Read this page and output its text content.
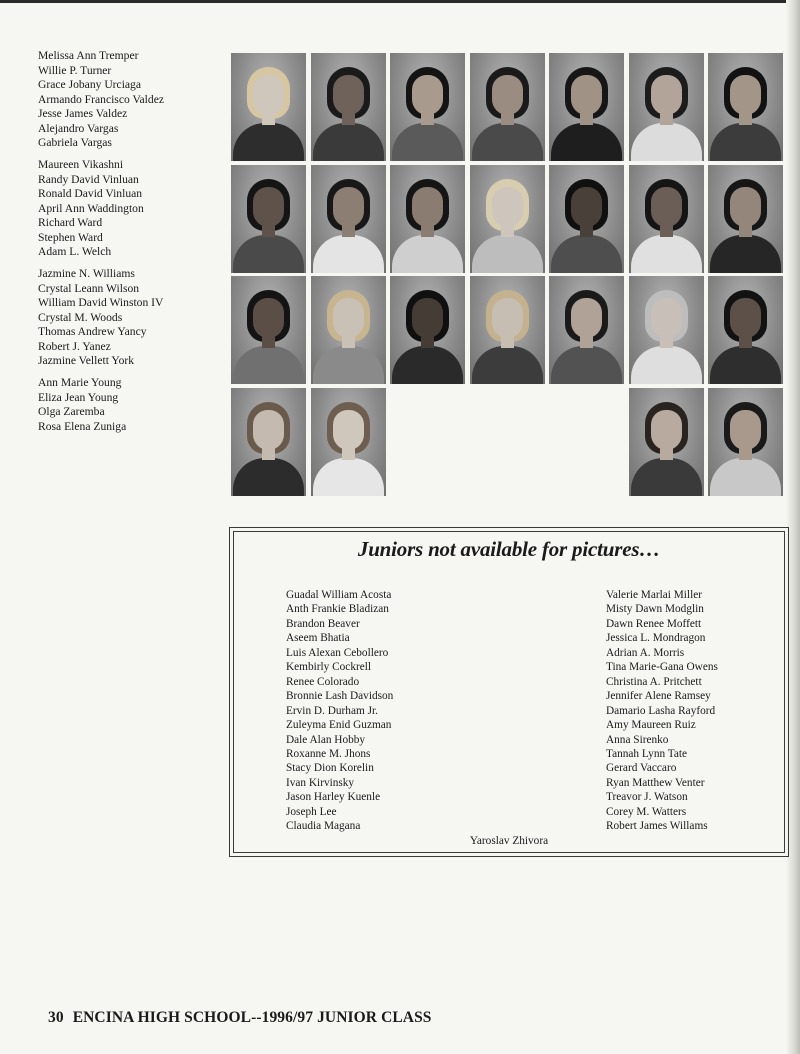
Melissa Ann Tremper
Willie P. Turner
Grace Jobany Urciaga
Armando Francisco Valdez
Jesse James Valdez
Alejandro Vargas
Gabriela Vargas
Maureen Vikashni
Randy David Vinluan
Ronald David Vinluan
April Ann Waddington
Richard Ward
Stephen Ward
Adam L. Welch
Jazmine N. Williams
Crystal Leann Wilson
William David Winston IV
Crystal M. Woods
Thomas Andrew Yancy
Robert J. Yanez
Jazmine Vellett York
Ann Marie Young
Eliza Jean Young
Olga Zaremba
Rosa Elena Zuniga
Juniors not available for pictures…
Guadal William Acosta
Anth Frankie Bladizan
Brandon Beaver
Aseem Bhatia
Luis Alexan Cebollero
Kembirly Cockrell
Renee Colorado
Bronnie Lash Davidson
Ervin D. Durham Jr.
Zuleyma Enid Guzman
Dale Alan Hobby
Roxanne M. Jhons
Stacy Dion Korelin
Ivan Kirvinsky
Jason Harley Kuenle
Joseph Lee
Claudia Magana
Valerie Marlai Miller
Misty Dawn Modglin
Dawn Renee Moffett
Jessica L. Mondragon
Adrian A. Morris
Tina Marie-Gana Owens
Christina A. Pritchett
Jennifer Alene Ramsey
Damario Lasha Rayford
Amy Maureen Ruiz
Anna Sirenko
Tannah Lynn Tate
Gerard Vaccaro
Ryan Matthew Venter
Treavor J. Watson
Corey M. Watters
Robert James Willams
Yaroslav Zhivora
30 ENCINA HIGH SCHOOL--1996/97 JUNIOR CLASS
